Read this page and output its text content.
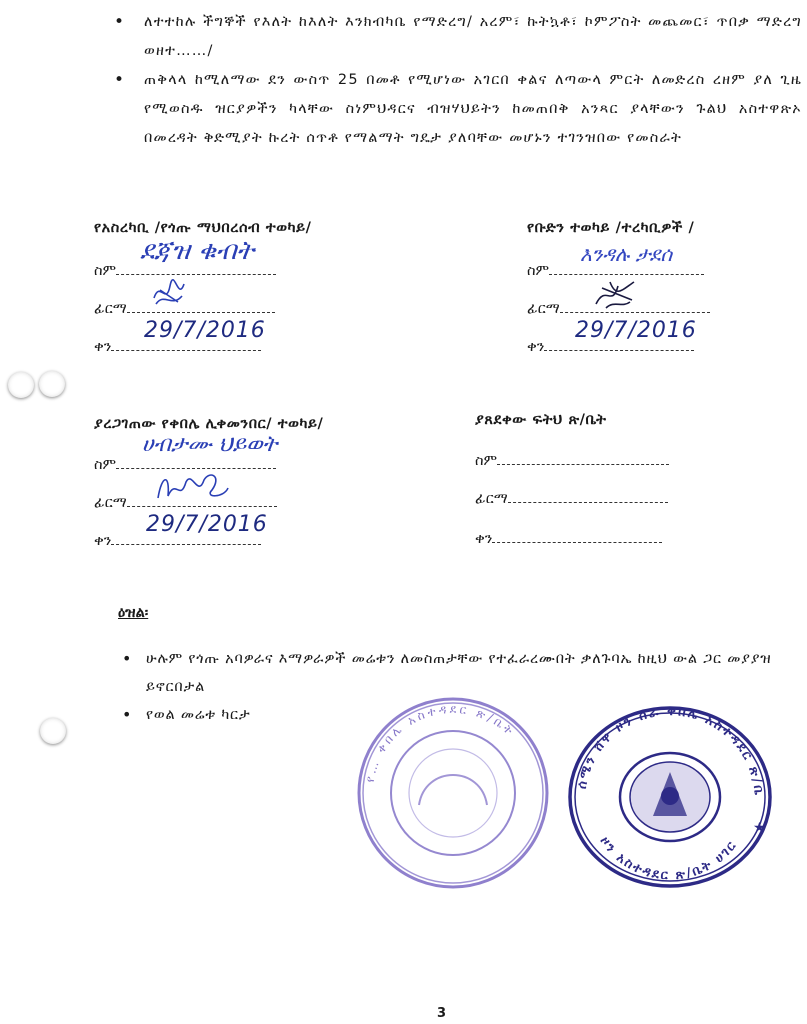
• ለተተከሉ ችግኞች የእለት ከእለት እንክብካቤ የማድረግ/ አረም፣ ኩትኳቶ፣ ኮምፖስት መጨመር፣ ጥበቃ ማድረግ ወዘተ……/
• ጠቅላላ ከሚለማው ደን ውስጥ 25 በመቶ የሚሆነው አገርበ ቀልና ለጣውላ ምርት ለመድረስ ረዘም ያለ ጊዜ የሚወስዱ ዝርያዎችን ካላቸው ስነምህዳርና ብዝሃህይትን ከመጠበቅ አንጻር ያላቸውን ጉልህ አስተዋጽኦ በመረዳት ቅድሚያት ኩረት ሰጥቶ የማልማት ግዴታ ያለባቸው መሆኑን ተገንዝበው የመስራት
የአስረካቢ /የጎጡ ማህበረሰብ ተወካይ/
ስም
ደጃዝ ቁብት
ፊርማ
ቀን
29/7/2016
የቡድን ተወካይ /ተረካቢዎች /
ስም
እንዳሉ ታደሰ
ፊርማ
ቀን
29/7/2016
ያረጋገጠው የቀበሌ ሊቀመንበር/ ተወካይ/
ስም
ሀብታሙ ህይወት
ፊርማ
ቀን
29/7/2016
ያጸደቀው ፍትህ ጽ/ቤት
ስም
ፊርማ
ቀን
ዕዝል፡
• ሁሉም የጎጡ አባዎራና እማዎራዎች መሬቱን ለመስጠታቸው የተፈራረሙበት ቃለጉባኤ ከዚህ ውል ጋር መያያዝ ይኖርበታል
• የወል መሬቱ ካርታ
የ… ቀበሌ አስተዳደር ጽ/ቤት
★
ሰሜን ሸዋ ዞን ስራ ቀበሌ አስተዳደር ጽ/ቤት
ዞን አስተዳደር ጽ/ቤት ሀገር
3
